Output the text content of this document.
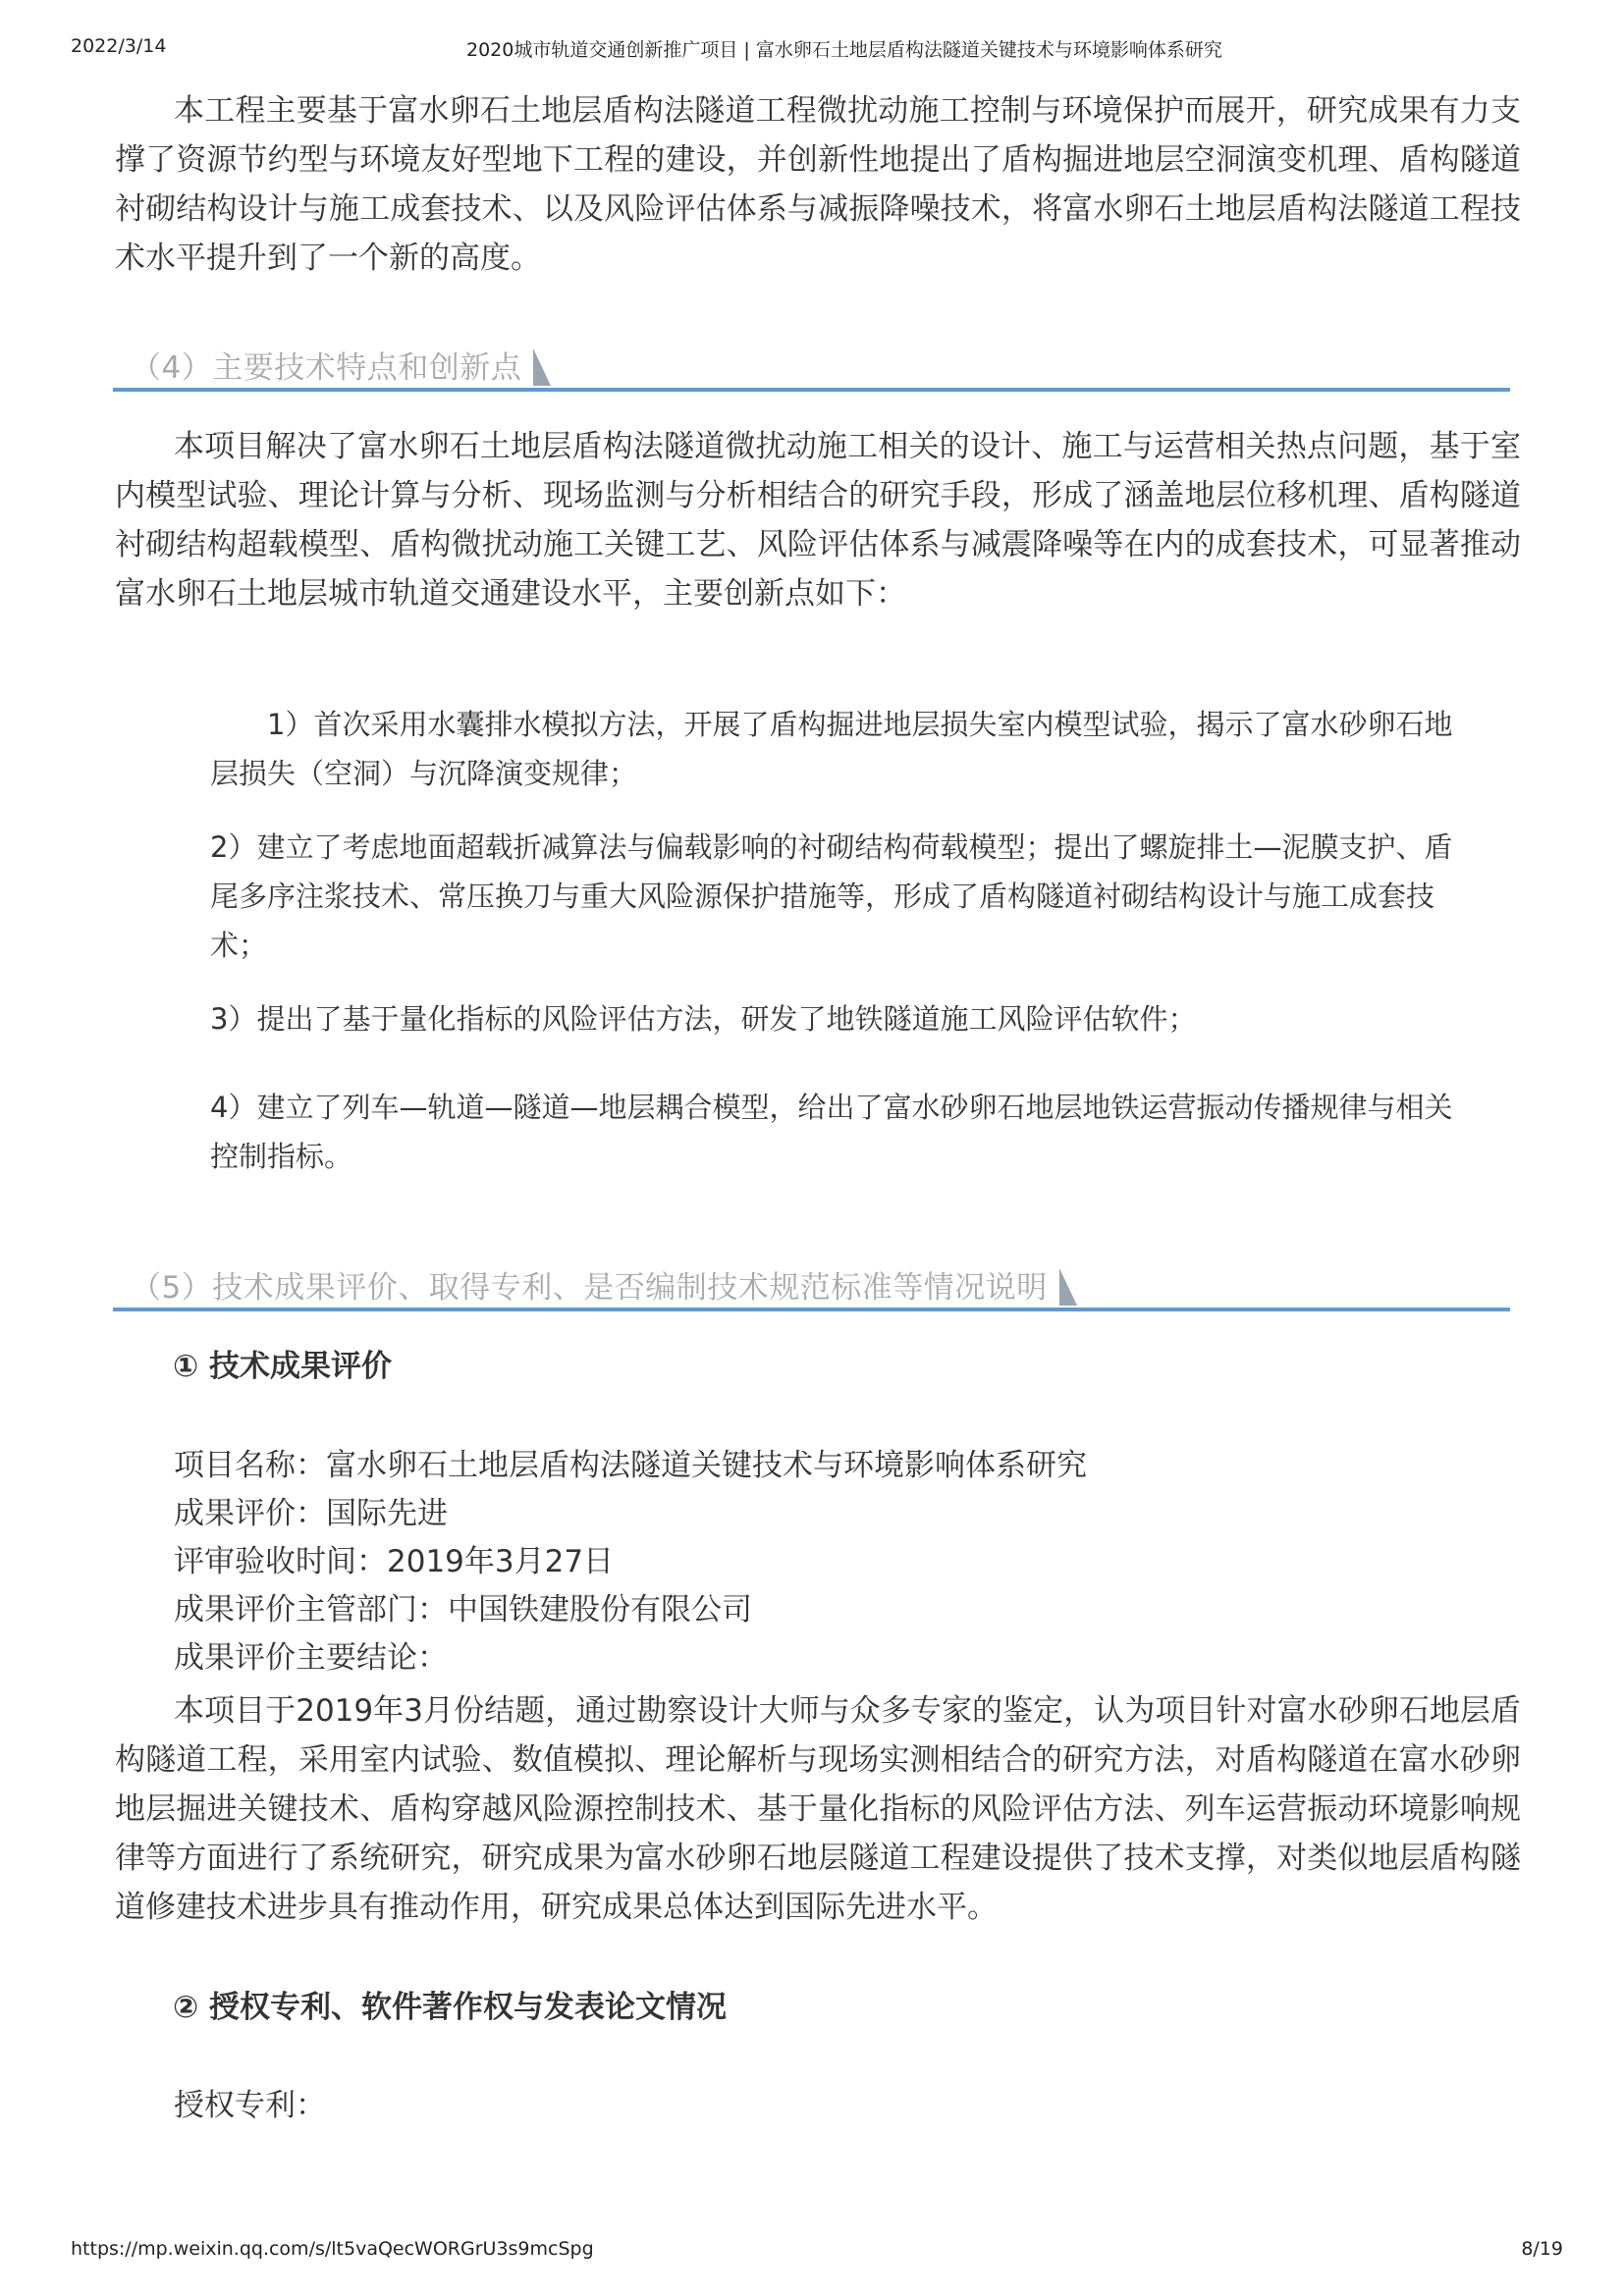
2022/3/14	2020城市轨道交通创新推广项目 | 富水卵石土地层盾构法隧道关键技术与环境影响体系研究

本工程主要基于富水卵石土地层盾构法隧道工程微扰动施工控制与环境保护而展开，研究成果有力支撑了资源节约型与环境友好型地下工程的建设，并创新性地提出了盾构掘进地层空洞演变机理、盾构隧道衬砌结构设计与施工成套技术、以及风险评估体系与减振降噪技术，将富水卵石土地层盾构法隧道工程技术水平提升到了一个新的高度。

（4）主要技术特点和创新点

本项目解决了富水卵石土地层盾构法隧道微扰动施工相关的设计、施工与运营相关热点问题，基于室内模型试验、理论计算与分析、现场监测与分析相结合的研究手段，形成了涵盖地层位移机理、盾构隧道衬砌结构超载模型、盾构微扰动施工关键工艺、风险评估体系与减震降噪等在内的成套技术，可显著推动富水卵石土地层城市轨道交通建设水平，主要创新点如下：

1）首次采用水囊排水模拟方法，开展了盾构掘进地层损失室内模型试验，揭示了富水砂卵石地层损失（空洞）与沉降演变规律；

2）建立了考虑地面超载折减算法与偏载影响的衬砌结构荷载模型；提出了螺旋排土—泥膜支护、盾尾多序注浆技术、常压换刀与重大风险源保护措施等，形成了盾构隧道衬砌结构设计与施工成套技术；

3）提出了基于量化指标的风险评估方法，研发了地铁隧道施工风险评估软件；

4）建立了列车—轨道—隧道—地层耦合模型，给出了富水砂卵石地层地铁运营振动传播规律与相关控制指标。

（5）技术成果评价、取得专利、是否编制技术规范标准等情况说明
① 技术成果评价
项目名称：富水卵石土地层盾构法隧道关键技术与环境影响体系研究
成果评价：国际先进
评审验收时间：2019年3月27日
成果评价主管部门：中国铁建股份有限公司
成果评价主要结论：

本项目于2019年3月份结题，通过勘察设计大师与众多专家的鉴定，认为项目针对富水砂卵石地层盾构隧道工程，采用室内试验、数值模拟、理论解析与现场实测相结合的研究方法，对盾构隧道在富水砂卵地层掘进关键技术、盾构穿越风险源控制技术、基于量化指标的风险评估方法、列车运营振动环境影响规律等方面进行了系统研究，研究成果为富水砂卵石地层隧道工程建设提供了技术支撑，对类似地层盾构隧道修建技术进步具有推动作用，研究成果总体达到国际先进水平。

② 授权专利、软件著作权与发表论文情况
授权专利：
https://mp.weixin.qq.com/s/lt5vaQecWORGrU3s9mcSpg	8/19
